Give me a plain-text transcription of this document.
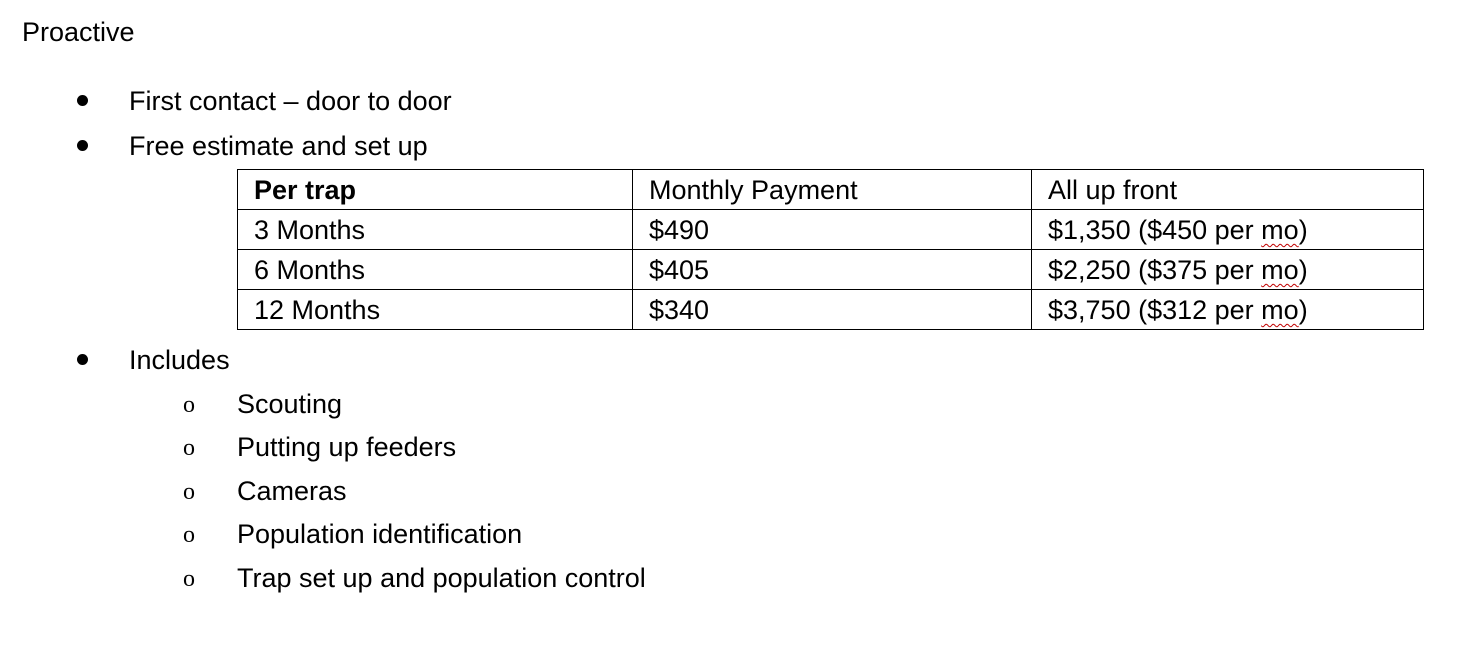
Proactive
First contact – door to door
Free estimate and set up
Per trap	Monthly Payment	All up front
3 Months	$490	$1,350 ($450 per mo)
6 Months	$405	$2,250 ($375 per mo)
12 Months	$340	$3,750 ($312 per mo)
Includes
o Scouting
o Putting up feeders
o Cameras
o Population identification
o Trap set up and population control
